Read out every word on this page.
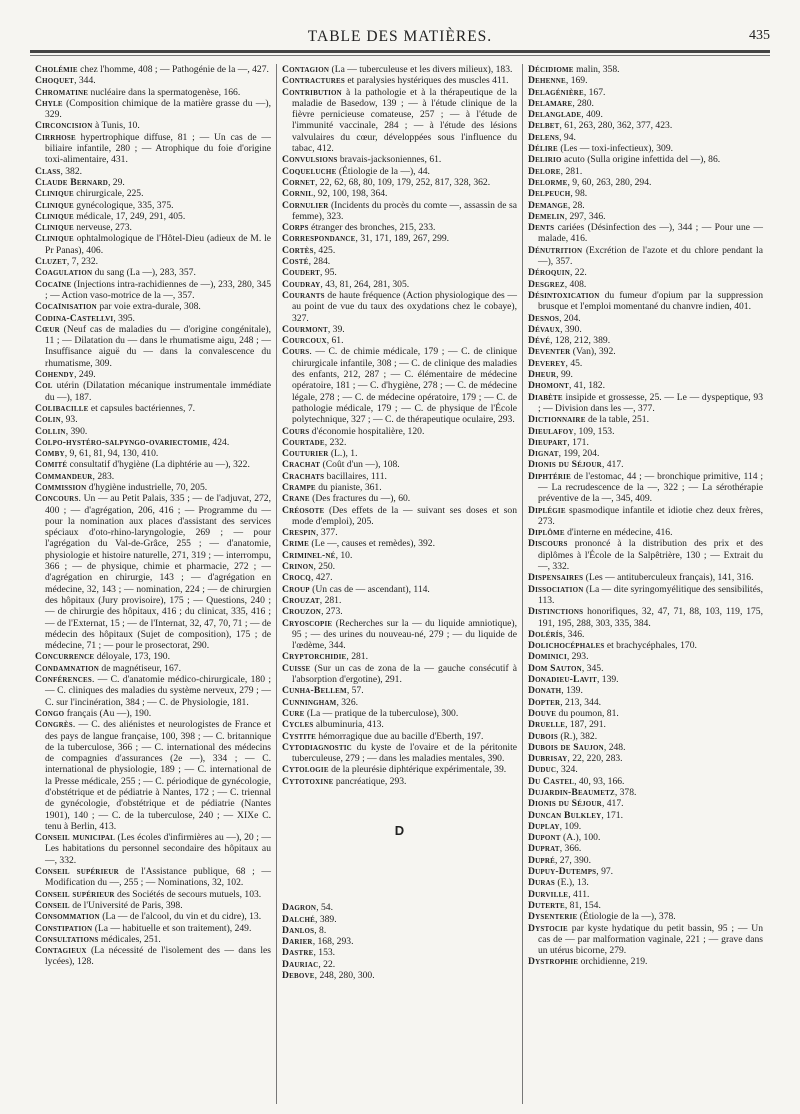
TABLE DES MATIÈRES.	435

Cholémie chez l'homme, 408 ; — Pathogénie de la —, 427.

Choquet, 344.

Chromatine nucléaire dans la spermatogenèse, 166.

Chyle (Composition chimique de la matière grasse du —), 329.

Circoncision à Tunis, 10.

Cirrhose hypertrophique diffuse, 81 ; — Un cas de — biliaire infantile, 280 ; — Atrophique du foie d'origine toxi-alimentaire, 431.

Class, 382.

Claude Bernard, 29.

Clinique chirurgicale, 225.

Clinique gynécologique, 335, 375.

Clinique médicale, 17, 249, 291, 405.

Clinique nerveuse, 273.

Clinique ophtalmologique de l'Hôtel-Dieu (adieux de M. le Pr Panas), 406.

Cluzet, 7, 232.

Coagulation du sang (La —), 283, 357.

Cocaïne (Injections intra-rachidiennes de —), 233, 280, 345 ; — Action vaso-motrice de la —, 357.

Cocaïnisation par voie extra-durale, 308.

Codina-Castellvi, 395.

Cœur (Neuf cas de maladies du — d'origine congénitale), 11 ; — Dilatation du — dans le rhumatisme aigu, 248 ; — Insuffisance aiguë du — dans la convalescence du rhumatisme, 309.

Cohendy, 249.

Col utérin (Dilatation mécanique instrumentale immédiate du —), 187.

Colibacille et capsules bactériennes, 7.

Colin, 93.

Collin, 390.

Colpo-hystéro-salpyngo-ovariectomie, 424.

Comby, 9, 61, 81, 94, 130, 410.

Comité consultatif d'hygiène (La diphtérie au —), 322.

Commandeur, 283.

Commission d'hygiène industrielle, 70, 205.

Concours. Un — au Petit Palais, 335 ; — de l'adjuvat, 272, 400 ; — d'agrégation, 206, 416 ; — Programme du — pour la nomination aux places d'assistant des services spéciaux d'oto-rhino-laryngologie, 269 ; — pour l'agrégation du Val-de-Grâce, 255 ; — d'anatomie, physiologie et histoire naturelle, 271, 319 ; — interrompu, 366 ; — de physique, chimie et pharmacie, 272 ; — d'agrégation en chirurgie, 143 ; — d'agrégation en médecine, 32, 143 ; — nomination, 224 ; — de chirurgien des hôpitaux (Jury provisoire), 175 ; — Questions, 240 ; — de chirurgie des hôpitaux, 416 ; du clinicat, 335, 416 ; — de l'Externat, 15 ; — de l'Internat, 32, 47, 70, 71 ; — de médecin des hôpitaux (Sujet de composition), 175 ; de médecine, 71 ; — pour le prosectorat, 290.

Concurrence déloyale, 173, 190.

Condamnation de magnétiseur, 167.

Conférences. — C. d'anatomie médico-chirurgicale, 180 ; — C. cliniques des maladies du système nerveux, 279 ; — C. sur l'incinération, 384 ; — C. de Physiologie, 181.

Congo français (Au —), 190.

Congrès. — C. des aliénistes et neurologistes de France et des pays de langue française, 100, 398 ; — C. britannique de la tuberculose, 366 ; — C. international des médecins de compagnies d'assurances (2e —), 334 ; — C. international de physiologie, 189 ; — C. international de la Presse médicale, 255 ; — C. périodique de gynécologie, d'obstétrique et de pédiatrie à Nantes, 172 ; — C. triennal de gynécologie, d'obstétrique et de pédiatrie (Nantes 1901), 140 ; — C. de la tuberculose, 240 ; — XIXe C. tenu à Berlin, 413.

Conseil municipal (Les écoles d'infirmières au —), 20 ; — Les habitations du personnel secondaire des hôpitaux au —, 332.

Conseil supérieur de l'Assistance publique, 68 ; — Modification du —, 255 ; — Nominations, 32, 102.

Conseil supérieur des Sociétés de secours mutuels, 103.

Conseil de l'Université de Paris, 398.

Consommation (La — de l'alcool, du vin et du cidre), 13.

Constipation (La — habituelle et son traitement), 249.

Consultations médicales, 251.

Contagieux (La nécessité de l'isolement des — dans les lycées), 128.

Contagion (La — tuberculeuse et les divers milieux), 183.

Contractures et paralysies hystériques des muscles 411.

Contribution à la pathologie et à la thérapeutique de la maladie de Basedow, 139 ; — à l'étude clinique de la fièvre pernicieuse comateuse, 257 ; — à l'étude de l'immunité vaccinale, 284 ; — à l'étude des lésions valvulaires du cœur, développées sous l'influence du tabac, 412.

Convulsions bravais-jacksoniennes, 61.

Coqueluche (Étiologie de la —), 44.

Cornet, 22, 62, 68, 80, 109, 179, 252, 817, 328, 362.

Cornil, 92, 100, 198, 364.

Cornulier (Incidents du procès du comte —, assassin de sa femme), 323.

Corps étranger des bronches, 215, 233.

Correspondance, 31, 171, 189, 267, 299.

Cortès, 425.

Costé, 284.

Coudert, 95.

Coudray, 43, 81, 264, 281, 305.

Courants de haute fréquence (Action physiologique des — au point de vue du taux des oxydations chez le cobaye), 327.

Courmont, 39.

Courcoux, 61.

Cours. — C. de chimie médicale, 179 ; — C. de clinique chirurgicale infantile, 308 ; — C. de clinique des maladies des enfants, 212, 287 ; — C. élémentaire de médecine opératoire, 181 ; — C. d'hygiène, 278 ; — C. de médecine légale, 278 ; — C. de médecine opératoire, 179 ; — C. de pathologie médicale, 179 ; — C. de physique de l'École polytechnique, 327 ; — C. de thérapeutique oculaire, 293.

Cours d'économie hospitalière, 120.

Courtade, 232.

Couturier (L.), 1.

Crachat (Coût d'un —), 108.

Crachats bacillaires, 111.

Crampe du pianiste, 361.

Crane (Des fractures du —), 60.

Créosote (Des effets de la — suivant ses doses et son mode d'emploi), 205.

Crespin, 377.

Crime (Le —, causes et remèdes), 392.

Criminel-né, 10.

Crinon, 250.

Crocq, 427.

Croup (Un cas de — ascendant), 114.

Crouzat, 281.

Crouzon, 273.

Cryoscopie (Recherches sur la — du liquide amniotique), 95 ; — des urines du nouveau-né, 279 ; — du liquide de l'œdème, 344.

Cryptorchidie, 281.

Cuisse (Sur un cas de zona de la — gauche consécutif à l'absorption d'ergotine), 291.

Cunha-Bellem, 57.

Cunningham, 326.

Cure (La — pratique de la tuberculose), 300.

Cycles albuminuria, 413.

Cystite hémorragique due au bacille d'Eberth, 197.

Cytodiagnostic du kyste de l'ovaire et de la péritonite tuberculeuse, 279 ; — dans les maladies mentales, 390.

Cytologie de la pleurésie diphtérique expérimentale, 39.

Cytotoxine pancréatique, 293.

D

Dagron, 54.

Dalché, 389.

Danlos, 8.

Darier, 168, 293.

Dastre, 153.

Dauriac, 22.

Debove, 248, 280, 300.

Décidiome malin, 358.

Dehenne, 169.

Delagénière, 167.

Delamare, 280.

Delanglade, 409.

Delbet, 61, 263, 280, 362, 377, 423.

Delens, 94.

Délire (Les — toxi-infectieux), 309.

Delirio acuto (Sulla origine infettida del —), 86.

Delore, 281.

Delorme, 9, 60, 263, 280, 294.

Delpeuch, 98.

Demange, 28.

Demelin, 297, 346.

Dents cariées (Désinfection des —), 344 ; — Pour une — malade, 416.

Dénutrition (Excrétion de l'azote et du chlore pendant la —), 357.

Déroquin, 22.

Desgrez, 408.

Désintoxication du fumeur d'opium par la suppression brusque et l'emploi momentané du chanvre indien, 401.

Desnos, 204.

Dévaux, 390.

Dévé, 128, 212, 389.

Deventer (Van), 392.

Deverey, 45.

Dheur, 99.

Dhomont, 41, 182.

Diabète insipide et grossesse, 25. — Le — dyspeptique, 93 ; — Division dans les —, 377.

Dictionnaire de la table, 251.

Dieulafoy, 109, 153.

Dieupart, 171.

Dignat, 199, 204.

Dionis du Séjour, 417.

Diphtérie de l'estomac, 44 ; — bronchique primitive, 114 ; — La recrudescence de la —, 322 ; — La sérothérapie préventive de la —, 345, 409.

Diplégie spasmodique infantile et idiotie chez deux frères, 273.

Diplôme d'interne en médecine, 416.

Discours prononcé à la distribution des prix et des diplômes à l'École de la Salpêtrière, 130 ; — Extrait du —, 332.

Dispensaires (Les — antituberculeux français), 141, 316.

Dissociation (La — dite syringomyélitique des sensibilités, 113.

Distinctions honorifiques, 32, 47, 71, 88, 103, 119, 175, 191, 195, 288, 303, 335, 384.

Dolérís, 346.

Dolichocéphales et brachycéphales, 170.

Dominici, 293.

Dom Sauton, 345.

Donadieu-Lavit, 139.

Donath, 139.

Dopter, 213, 344.

Douve du poumon, 81.

Druelle, 187, 291.

Dubois (R.), 382.

Dubois de Saujon, 248.

Dubrisay, 22, 220, 283.

Duduc, 324.

Du Castel, 40, 93, 166.

Dujardin-Beaumetz, 378.

Dionis du Séjour, 417.

Duncan Bulkley, 171.

Duplay, 109.

Dupont (A.), 100.

Duprat, 366.

Dupré, 27, 390.

Dupuy-Dutemps, 97.

Duras (E.), 13.

Durville, 411.

Duterte, 81, 154.

Dysenterie (Étiologie de la —), 378.

Dystocie par kyste hydatique du petit bassin, 95 ; — Un cas de — par malformation vaginale, 221 ; — grave dans un utérus bicorne, 279.

Dystrophie orchidienne, 219.
